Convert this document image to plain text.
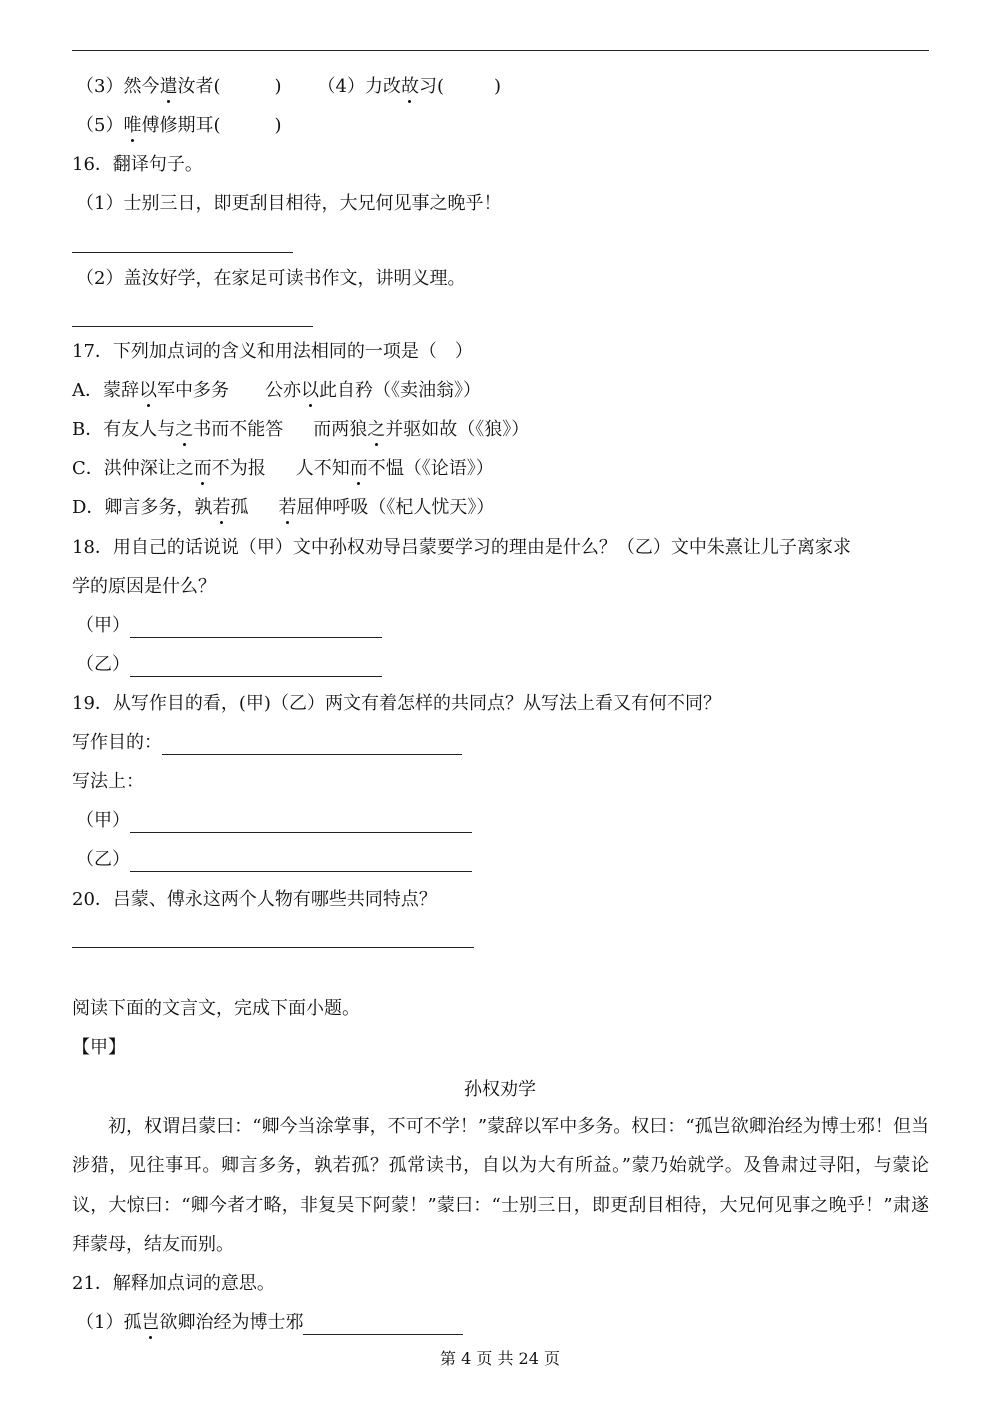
（3）然今遣汝者(	) （4）力改故习(	)
（5）唯傅修期耳(	)
16．翻译句子。
（1）士别三日，即更刮目相待，大兄何见事之晚乎！
（2）盖汝好学，在家足可读书作文，讲明义理。
17．下列加点词的含义和用法相同的一项是（　）
A．蒙辞以军中多务 公亦以此自矜（《卖油翁》）
B．有友人与之书而不能答 而两狼之并驱如故（《狼》）
C．洪仲深让之而不为报 人不知而不愠（《论语》）
D．卿言多务，孰若孤 若屈伸呼吸（《杞人忧天》）
18．用自己的话说说（甲）文中孙权劝导吕蒙要学习的理由是什么？（乙）文中朱熹让儿子离家求
学的原因是什么？
（甲）
（乙）
19．从写作目的看，(甲)（乙）两文有着怎样的共同点？从写法上看又有何不同？
写作目的：
写法上：
（甲）
（乙）
20．吕蒙、傅永这两个人物有哪些共同特点？
阅读下面的文言文，完成下面小题。
【甲】
孙权劝学
初，权谓吕蒙曰：“卿今当涂掌事，不可不学！”蒙辞以军中多务。权曰：“孤岂欲卿治经为博士邪！但当涉猎，见往事耳。卿言多务，孰若孤？孤常读书，自以为大有所益。”蒙乃始就学。及鲁肃过寻阳，与蒙论议，大惊曰：“卿今者才略，非复吴下阿蒙！”蒙曰：“士别三日，即更刮目相待，大兄何见事之晚乎！”肃遂拜蒙母，结友而别。
21．解释加点词的意思。
（1）孤岂欲卿治经为博士邪
第 4 页 共 24 页
